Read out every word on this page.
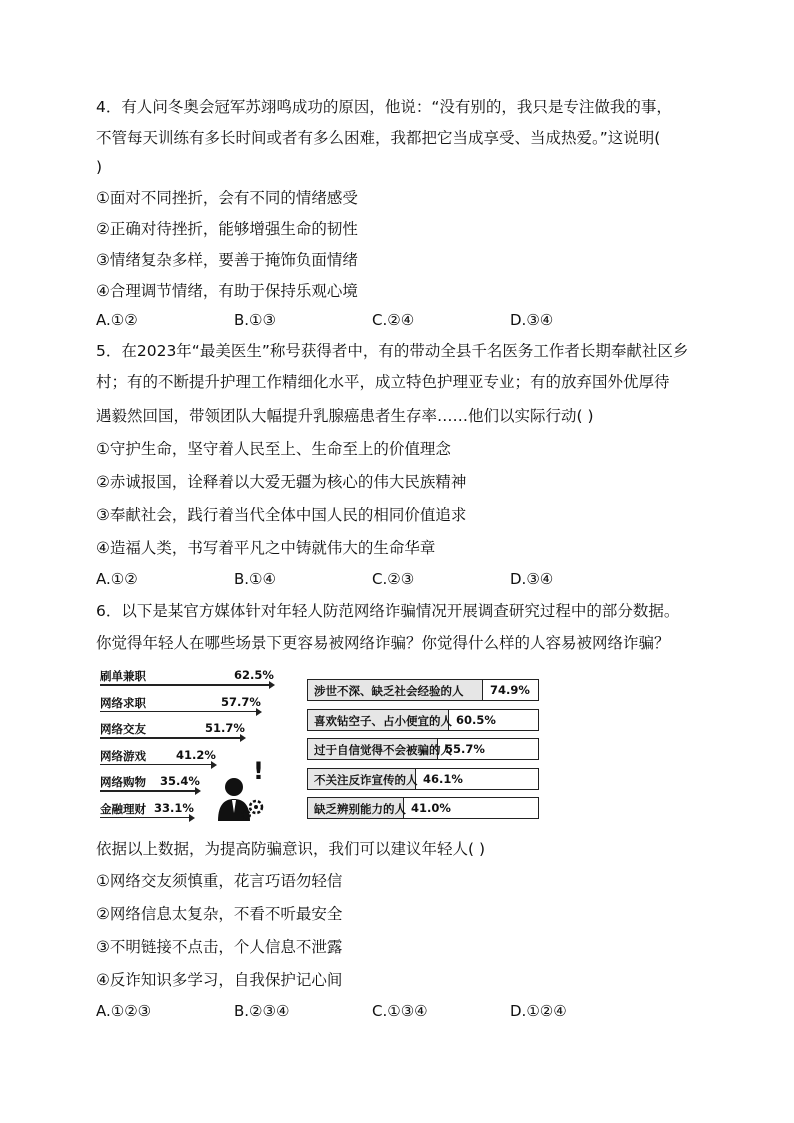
4．有人问冬奥会冠军苏翊鸣成功的原因，他说：“没有别的，我只是专注做我的事，
不管每天训练有多长时间或者有多么困难，我都把它当成享受、当成热爱。”这说明(
)
①面对不同挫折，会有不同的情绪感受
②正确对待挫折，能够增强生命的韧性
③情绪复杂多样，要善于掩饰负面情绪
④合理调节情绪，有助于保持乐观心境
A.①②	B.①③	C.②④	D.③④
5．在2023年“最美医生”称号获得者中，有的带动全县千名医务工作者长期奉献社区乡
村；有的不断提升护理工作精细化水平，成立特色护理亚专业；有的放弃国外优厚待
遇毅然回国，带领团队大幅提升乳腺癌患者生存率……他们以实际行动( )
①守护生命，坚守着人民至上、生命至上的价值理念
②赤诚报国，诠释着以大爱无疆为核心的伟大民族精神
③奉献社会，践行着当代全体中国人民的相同价值追求
④造福人类，书写着平凡之中铸就伟大的生命华章
A.①②	B.①④	C.②③	D.③④
6．以下是某官方媒体针对年轻人防范网络诈骗情况开展调查研究过程中的部分数据。
你觉得年轻人在哪些场景下更容易被网络诈骗？你觉得什么样的人容易被网络诈骗？
刷单兼职	62.5%
网络求职	57.7%
网络交友	51.7%
网络游戏	41.2%
网络购物 35.4%
金融理财 33.1%
涉世不深、缺乏社会经验的人 74.9%
喜欢钻空子、占小便宜的人 60.5%
过于自信觉得不会被骗的人
55.7%
不关注反诈宣传的人 46.1%
缺乏辨别能力的人 41.0%
!
依据以上数据，为提高防骗意识，我们可以建议年轻人( )
①网络交友须慎重，花言巧语勿轻信
②网络信息太复杂，不看不听最安全
③不明链接不点击，个人信息不泄露
④反诈知识多学习，自我保护记心间
A.①②③	B.②③④	C.①③④	D.①②④
